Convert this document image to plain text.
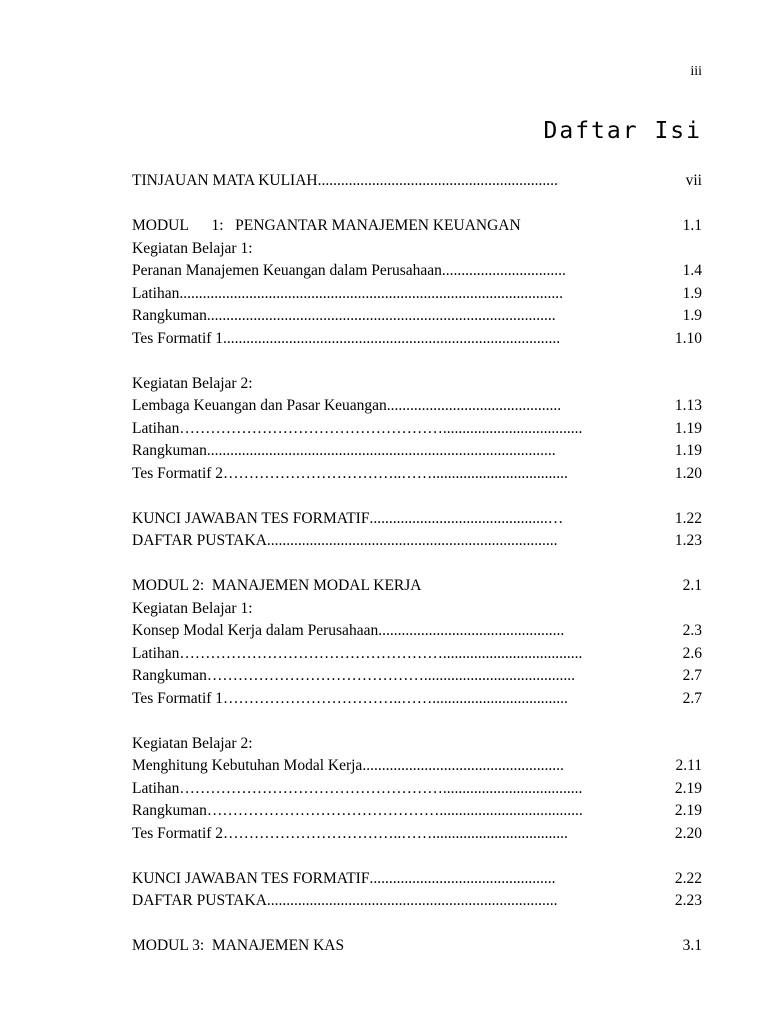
iii
Daftar Isi
TINJAUAN MATA KULIAH..............................................................	vii
MODUL      1:   PENGANTAR MANAJEMEN KEUANGAN	1.1
Kegiatan Belajar 1:
Peranan Manajemen Keuangan dalam Perusahaan................................	1.4
Latihan...................................................................................................	1.9
Rangkuman..........................................................................................	1.9
Tes Formatif 1.......................................................................................	1.10
Kegiatan Belajar 2:
Lembaga Keuangan dan Pasar Keuangan.............................................	1.13
Latihan……………………………………………....................................	1.19
Rangkuman..........................................................................................	1.19
Tes Formatif 2……………………………..……...................................	1.20
KUNCI JAWABAN TES FORMATIF..............................................…	1.22
DAFTAR PUSTAKA...........................................................................	1.23
MODUL 2:  MANAJEMEN MODAL KERJA	2.1
Kegiatan Belajar 1:
Konsep Modal Kerja dalam Perusahaan................................................	2.3
Latihan……………………………………………....................................	2.6
Rangkuman…………………………………….......................................	2.7
Tes Formatif 1……………………………..……...................................	2.7
Kegiatan Belajar 2:
Menghitung Kebutuhan Modal Kerja....................................................	2.11
Latihan……………………………………………....................................	2.19
Rangkuman……………………………………….....................................	2.19
Tes Formatif 2……………………………..……...................................	2.20
KUNCI JAWABAN TES FORMATIF................................................	2.22
DAFTAR PUSTAKA...........................................................................	2.23
MODUL 3:  MANAJEMEN KAS	3.1
